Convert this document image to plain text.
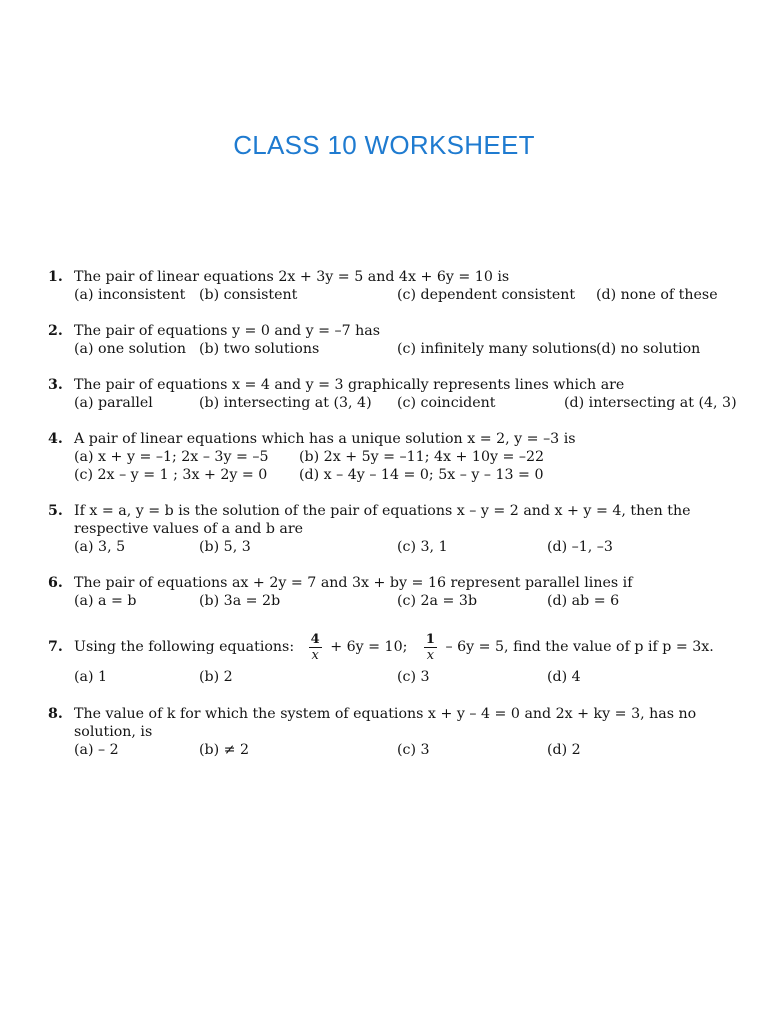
CLASS 10 WORKSHEET
1. The pair of linear equations 2x + 3y = 5 and 4x + 6y = 10 is
(a) inconsistent (b) consistent	(c) dependent consistent (d) none of these
2. The pair of equations y = 0 and y = –7 has
(a) one solution (b) two solutions	(c) infinitely many solutions (d) no solution
3. The pair of equations x = 4 and y = 3 graphically represents lines which are
(a) parallel	(b) intersecting at (3, 4) (c) coincident	(d) intersecting at (4, 3)
4. A pair of linear equations which has a unique solution x = 2, y = –3 is
(a) x + y = –1; 2x – 3y = –5 (b) 2x + 5y = –11; 4x + 10y = –22
(c) 2x – y = 1 ; 3x + 2y = 0 (d) x – 4y – 14 = 0; 5x – y – 13 = 0
5. If x = a, y = b is the solution of the pair of equations x – y = 2 and x + y = 4, then the respective values of a and b are
(a) 3, 5	(b) 5, 3	(c) 3, 1	(d) –1, –3
6. The pair of equations ax + 2y = 7 and 3x + by = 16 represent parallel lines if
(a) a = b	(b) 3a = 2b	(c) 2a = 3b	(d) ab = 6
7. Using the following equations: $\frac{4}{x} + 6y = 10$; $\frac{1}{x} - 6y = 5$, find the value of p if p = 3x.
(a) 1	(b) 2	(c) 3	(d) 4
8. The value of k for which the system of equations x + y – 4 = 0 and 2x + ky = 3, has no solution, is
(a) – 2	(b) ≠ 2	(c) 3	(d) 2
